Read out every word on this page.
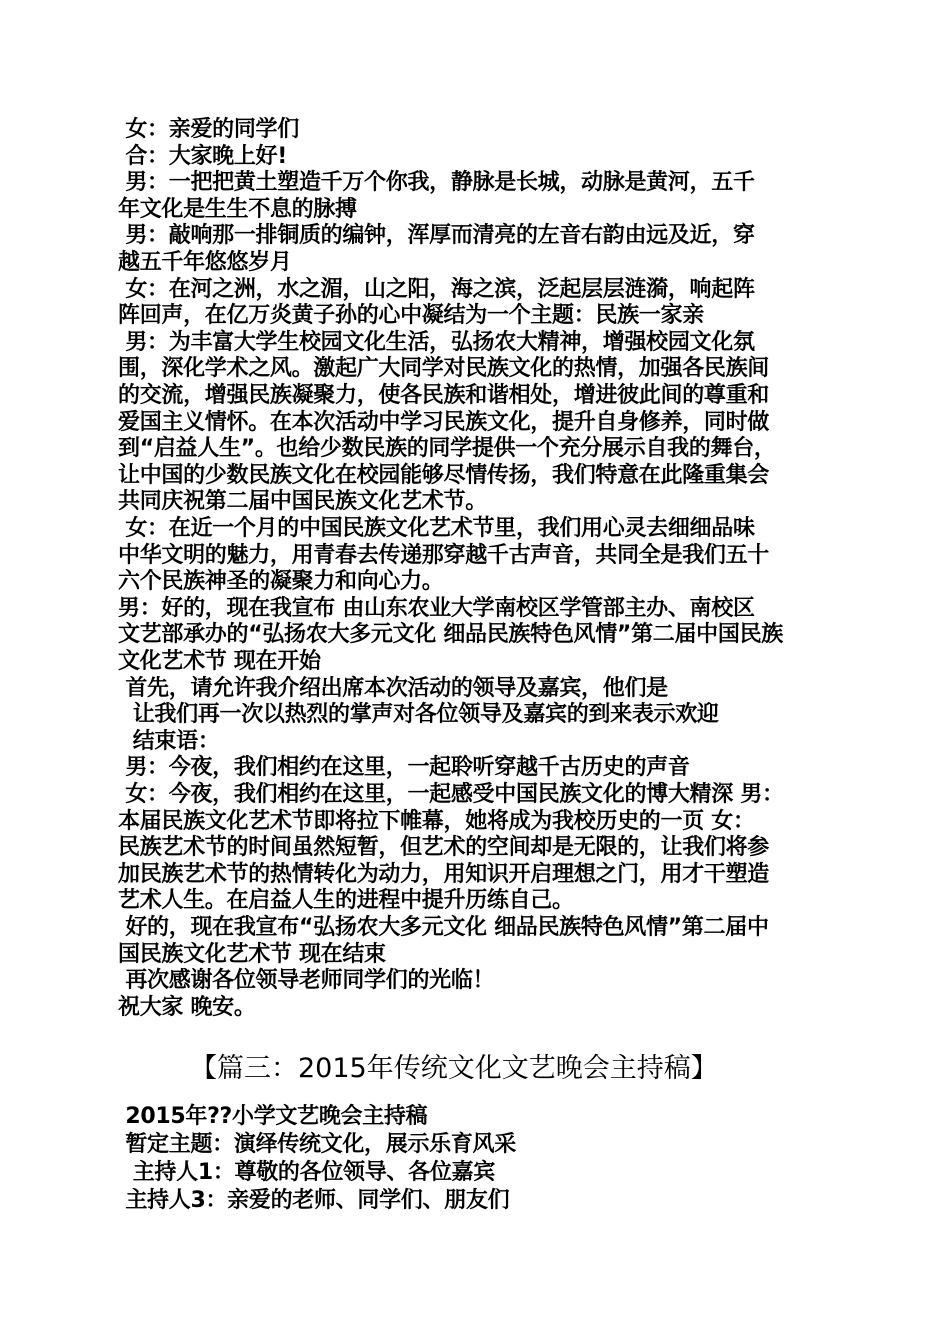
女：亲爱的同学们
合：大家晚上好!
男：一把把黄土塑造千万个你我，静脉是长城，动脉是黄河，五千
年文化是生生不息的脉搏
男：敲响那一排铜质的编钟，浑厚而清亮的左音右韵由远及近，穿
越五千年悠悠岁月
女：在河之洲，水之湄，山之阳，海之滨，泛起层层涟漪，响起阵
阵回声，在亿万炎黄子孙的心中凝结为一个主题：民族一家亲
男：为丰富大学生校园文化生活，弘扬农大精神，增强校园文化氛
围，深化学术之风。激起广大同学对民族文化的热情，加强各民族间
的交流，增强民族凝聚力，使各民族和谐相处，增进彼此间的尊重和
爱国主义情怀。在本次活动中学习民族文化，提升自身修养，同时做
到“启益人生”。也给少数民族的同学提供一个充分展示自我的舞台，
让中国的少数民族文化在校园能够尽情传扬，我们特意在此隆重集会
共同庆祝第二届中国民族文化艺术节。
女：在近一个月的中国民族文化艺术节里，我们用心灵去细细品味
中华文明的魅力，用青春去传递那穿越千古声音，共同全是我们五十
六个民族神圣的凝聚力和向心力。
男：好的，现在我宣布 由山东农业大学南校区学管部主办、南校区
文艺部承办的“弘扬农大多元文化 细品民族特色风情”第二届中国民族
文化艺术节 现在开始
首先，请允许我介绍出席本次活动的领导及嘉宾，他们是
让我们再一次以热烈的掌声对各位领导及嘉宾的到来表示欢迎
结束语：
男：今夜，我们相约在这里，一起聆听穿越千古历史的声音
女：今夜，我们相约在这里，一起感受中国民族文化的博大精深 男：
本届民族文化艺术节即将拉下帷幕，她将成为我校历史的一页 女：
民族艺术节的时间虽然短暂，但艺术的空间却是无限的，让我们将参
加民族艺术节的热情转化为动力，用知识开启理想之门，用才干塑造
艺术人生。在启益人生的进程中提升历练自己。
好的，现在我宣布“弘扬农大多元文化 细品民族特色风情”第二届中
国民族文化艺术节 现在结束
再次感谢各位领导老师同学们的光临！
祝大家 晚安。
【篇三：2015年传统文化文艺晚会主持稿】
2015年??小学文艺晚会主持稿
暂定主题：演绎传统文化，展示乐育风采
主持人1：尊敬的各位领导、各位嘉宾
主持人3：亲爱的老师、同学们、朋友们
